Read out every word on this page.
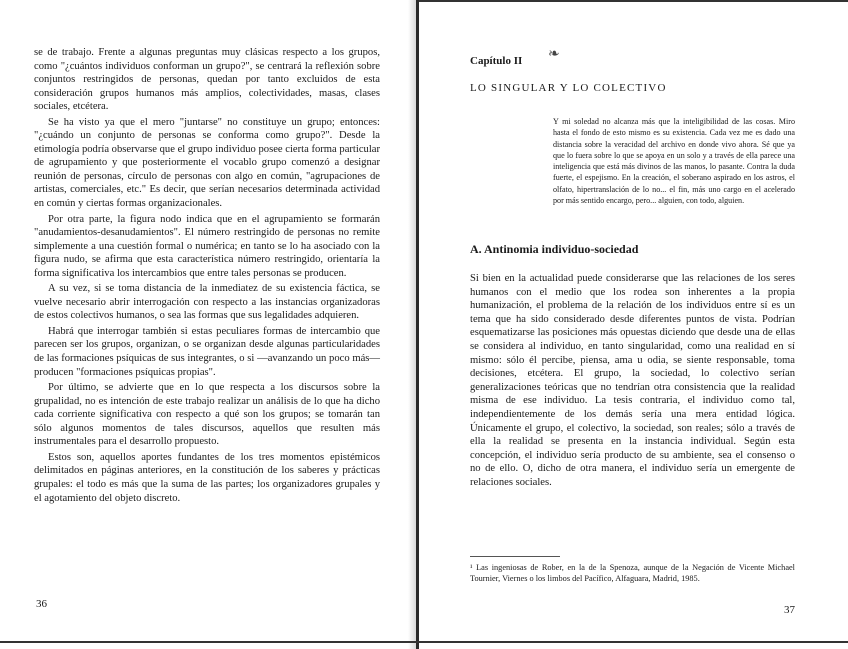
se de trabajo. Frente a algunas preguntas muy clásicas respecto a los grupos, como "¿cuántos individuos conforman un grupo?", se centrará la reflexión sobre conjuntos restringidos de personas, quedan por tanto excluidos de esta consideración grupos humanos más amplios, colectividades, masas, clases sociales, etcétera.

Se ha visto ya que el mero "juntarse" no constituye un grupo; entonces: "¿cuándo un conjunto de personas se conforma como grupo?". Desde la etimología podría observarse que el grupo individuo posee cierta forma particular de agrupamiento y que posteriormente el vocablo grupo comenzó a designar reunión de personas, círculo de personas con algo en común, "agrupaciones de artistas, comerciales, etc." Es decir, que serían necesarios determinada actividad en común y ciertas formas organizacionales.

Por otra parte, la figura nodo indica que en el agrupamiento se formarán "anudamientos-desanudamientos". El número restringido de personas no remite simplemente a una cuestión formal o numérica; en tanto se lo ha asociado con la figura nudo, se afirma que esta característica número restringido, orientaría la forma significativa los intercambios que entre tales personas se producen.

A su vez, si se toma distancia de la inmediatez de su existencia fáctica, se vuelve necesario abrir interrogación con respecto a las instancias organizadoras de estos colectivos humanos, o sea las formas que sus legalidades adquieren.

Habrá que interrogar también si estas peculiares formas de intercambio que parecen ser los grupos, organizan, o se organizan desde algunas particularidades de las formaciones psíquicas de sus integrantes, o si —avanzando un poco más— producen "formaciones psíquicas propias".

Por último, se advierte que en lo que respecta a los discursos sobre la grupalidad, no es intención de este trabajo realizar un análisis de lo que ha dicho cada corriente significativa con respecto a qué son los grupos; se tomarán tan sólo algunos momentos de tales discursos, aquellos que resulten más instrumentales para el desarrollo propuesto.

Estos son, aquellos aportes fundantes de los tres momentos epistémicos delimitados en páginas anteriores, en la constitución de los saberes y prácticas grupales: el todo es más que la suma de las partes; los organizadores grupales y el agotamiento del objeto discreto.

36
Capítulo II ❧
LO SINGULAR Y LO COLECTIVO
Y mi soledad no alcanza más que la inteligibilidad de las cosas. Miro hasta el fondo de esto mismo es su existencia. Cada vez me es dado una distancia sobre la veracidad del archivo en donde vivo ahora. Sé que ya que lo fuera sobre lo que se apoya en un solo y a través de ella parece una inteligencia que está más divinos de las manos, lo pasante. Contra la duda fuerte, el espejismo. En la creación, el soberano aspirado en los astros, el olfato, hipertranslación de lo no... el fin, más uno cargo en el acelerado por más sentido encargo, pero... alguien, con todo, alguien.
A. Antinomia individuo-sociedad

Si bien en la actualidad puede considerarse que las relaciones de los seres humanos con el medio que los rodea son inherentes a la propia humanización, el problema de la relación de los individuos entre sí es un tema que ha sido considerado desde diferentes puntos de vista. Podrían esquematizarse las posiciones más opuestas diciendo que desde una de ellas se considera al individuo, en tanto singularidad, como una realidad en sí mismo: sólo él percibe, piensa, ama u odia, se siente responsable, toma decisiones, etcétera. El grupo, la sociedad, lo colectivo serían generalizaciones teóricas que no tendrían otra consistencia que la realidad misma de ese individuo. La tesis contraria, el individuo como tal, independientemente de los demás sería una mera entidad lógica. Únicamente el grupo, el colectivo, la sociedad, son reales; sólo a través de ella la realidad se presenta en la instancia individual. Según esta concepción, el individuo sería producto de su ambiente, sea el consenso o no de ello. O, dicho de otra manera, el individuo sería un emergente de relaciones sociales.

¹ Las ingeniosas de Rober, en la de la Spenoza, aunque de la Negación de Vicente Michael Tournier, Viernes o los limbos del Pacífico, Alfaguara, Madrid, 1985.
37
